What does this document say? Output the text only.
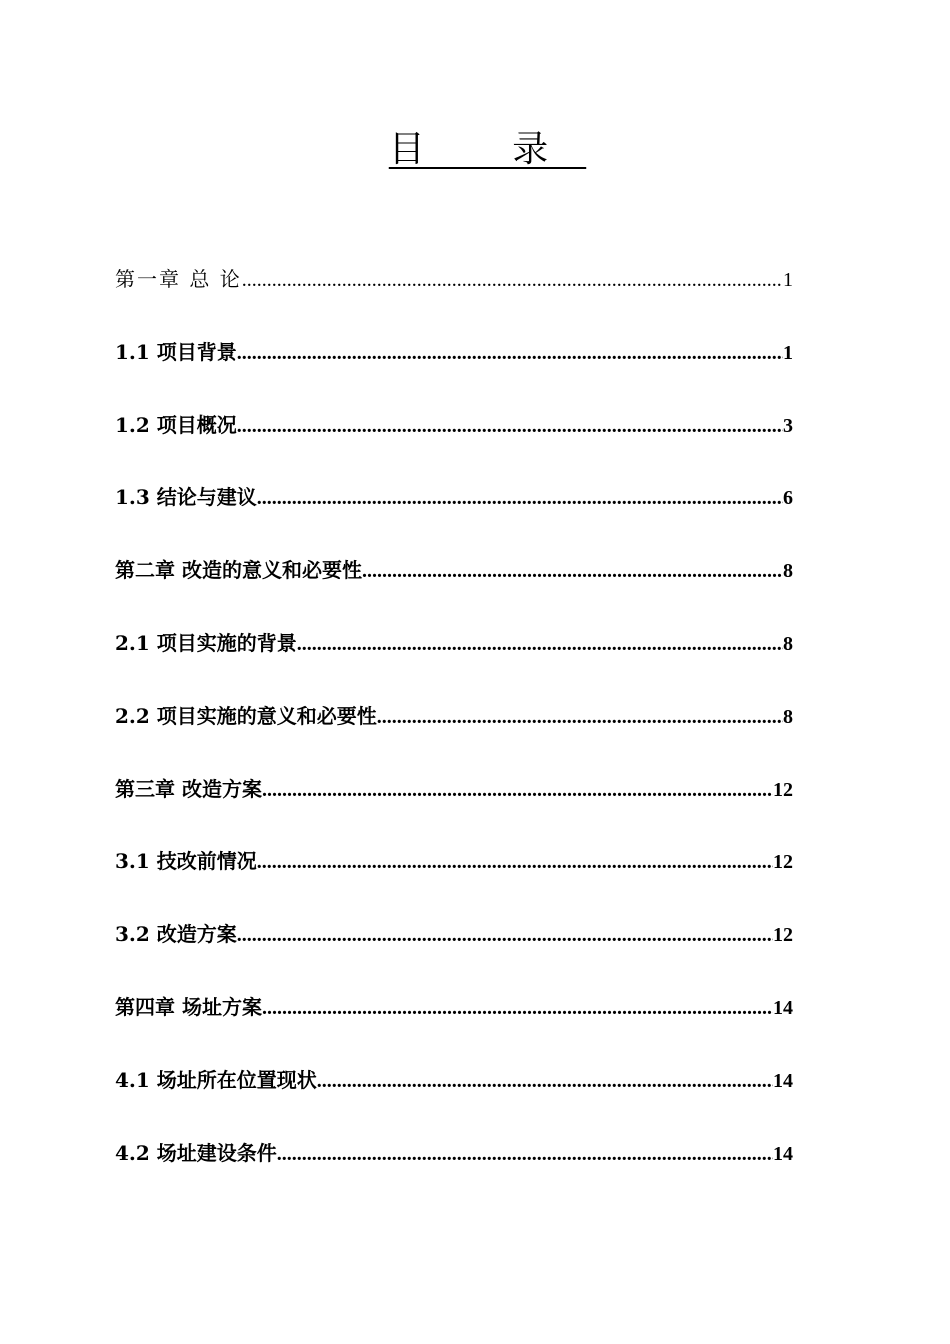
目 录
第一章 总 论 .....	1
1.1 项目背景 .....	1
1.2 项目概况 .....	3
1.3 结论与建议 .....	6
第二章 改造的意义和必要性 .....	8
2.1 项目实施的背景 .....	8
2.2 项目实施的意义和必要性 .....	8
第三章 改造方案 .....	12
3.1 技改前情况 .....	12
3.2 改造方案 .....	12
第四章 场址方案 .....	14
4.1 场址所在位置现状 .....	14
4.2 场址建设条件 .....	14
